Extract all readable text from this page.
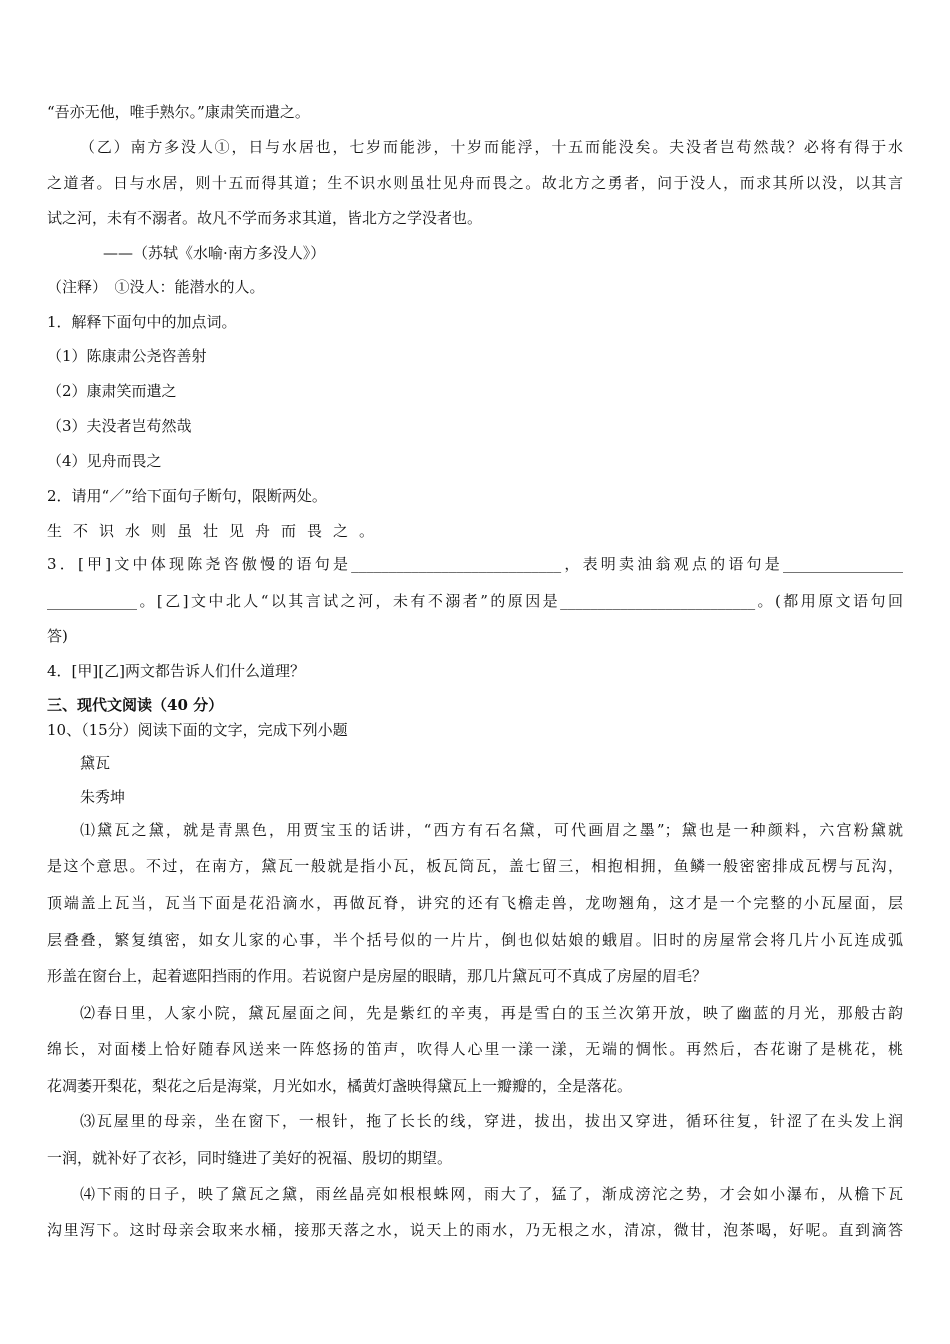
“吾亦无他，唯手熟尔。”康肃笑而遣之。
（乙）南方多没人①，日与水居也，七岁而能涉，十岁而能浮，十五而能没矣。夫没者岂苟然哉？必将有得于水
之道者。日与水居，则十五而得其道；生不识水则虽壮见舟而畏之。故北方之勇者，问于没人，而求其所以没，以其言
试之河，未有不溺者。故凡不学而务求其道，皆北方之学没者也。
——（苏轼《水喻·南方多没人》）
（注释）　①没人：能潜水的人。
1．解释下面句中的加点词。
（1）陈康肃公尧咨善射
（2）康肃笑而遣之
（3）夫没者岂苟然哉
（4）见舟而畏之
2．请用“／”给下面句子断句，限断两处。
生不识水则虽壮见舟而畏之。
3．[甲]文中体现陈尧咨傲慢的语句是____________________________，表明卖油翁观点的语句是________________
____________。[乙]文中北人“以其言试之河，未有不溺者”的原因是__________________________。(都用原文语句回
答)
4．[甲][乙]两文都告诉人们什么道理？
三、现代文阅读（40 分）
10、（15分）阅读下面的文字，完成下列小题
黛瓦
朱秀坤
⑴黛瓦之黛，就是青黑色，用贾宝玉的话讲，“西方有石名黛，可代画眉之墨”；黛也是一种颜料，六宫粉黛就
是这个意思。不过，在南方，黛瓦一般就是指小瓦，板瓦筒瓦，盖七留三，相抱相拥，鱼鳞一般密密排成瓦楞与瓦沟，
顶端盖上瓦当，瓦当下面是花沿滴水，再做瓦脊，讲究的还有飞檐走兽，龙吻翘角，这才是一个完整的小瓦屋面，层
层叠叠，繁复缜密，如女儿家的心事，半个括号似的一片片，倒也似姑娘的蛾眉。旧时的房屋常会将几片小瓦连成弧
形盖在窗台上，起着遮阳挡雨的作用。若说窗户是房屋的眼睛，那几片黛瓦可不真成了房屋的眉毛？
⑵春日里，人家小院，黛瓦屋面之间，先是紫红的辛夷，再是雪白的玉兰次第开放，映了幽蓝的月光，那般古韵
绵长，对面楼上恰好随春风送来一阵悠扬的笛声，吹得人心里一漾一漾，无端的惆怅。再然后，杏花谢了是桃花，桃
花凋萎开梨花，梨花之后是海棠，月光如水，橘黄灯盏映得黛瓦上一瓣瓣的，全是落花。
⑶瓦屋里的母亲，坐在窗下，一根针，拖了长长的线，穿进，拔出，拔出又穿进，循环往复，针涩了在头发上润
一润，就补好了衣衫，同时缝进了美好的祝福、殷切的期望。
⑷下雨的日子，映了黛瓦之黛，雨丝晶亮如根根蛛网，雨大了，猛了，渐成滂沱之势，才会如小瀑布，从檐下瓦
沟里泻下。这时母亲会取来水桶，接那天落之水，说天上的雨水，乃无根之水，清凉，微甘，泡茶喝，好呢。直到滴答
